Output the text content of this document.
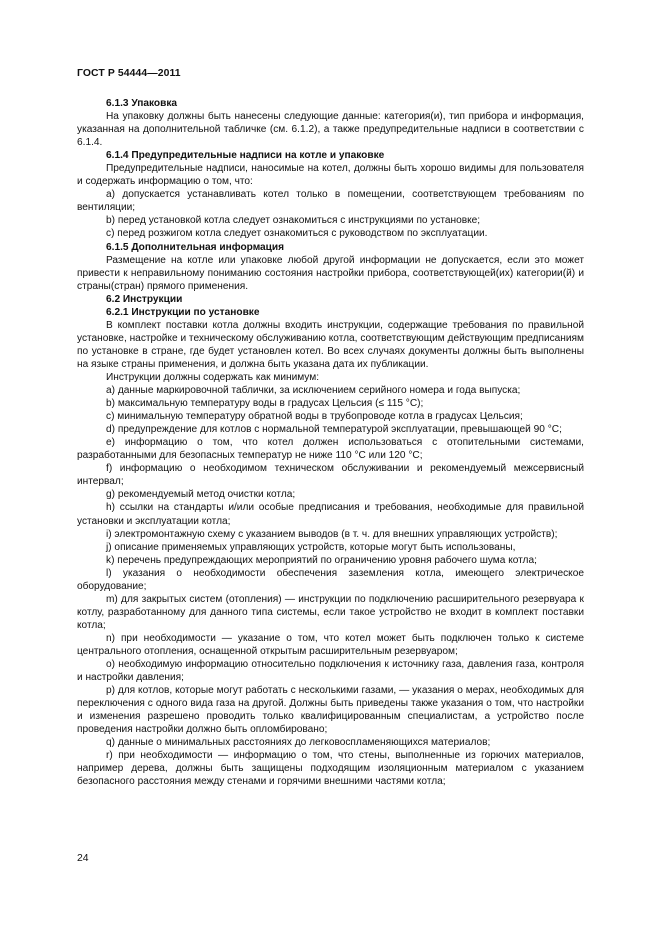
ГОСТ Р 54444—2011

6.1.3 Упаковка

На упаковку должны быть нанесены следующие данные: категория(и), тип прибора и информация, указанная на дополнительной табличке (см. 6.1.2), а также предупредительные надписи в соответствии с 6.1.4.

6.1.4 Предупредительные надписи на котле и упаковке

Предупредительные надписи, наносимые на котел, должны быть хорошо видимы для пользователя и содержать информацию о том, что:

a) допускается устанавливать котел только в помещении, соответствующем требованиям по вентиляции;

b) перед установкой котла следует ознакомиться с инструкциями по установке;

c) перед розжигом котла следует ознакомиться с руководством по эксплуатации.

6.1.5 Дополнительная информация

Размещение на котле или упаковке любой другой информации не допускается, если это может привести к неправильному пониманию состояния настройки прибора, соответствующей(их) категории(й) и страны(стран) прямого применения.

6.2 Инструкции

6.2.1 Инструкции по установке

В комплект поставки котла должны входить инструкции, содержащие требования по правильной установке, настройке и техническому обслуживанию котла, соответствующим действующим предписаниям по установке в стране, где будет установлен котел. Во всех случаях документы должны быть выполнены на языке страны применения, и должна быть указана дата их публикации.

Инструкции должны содержать как минимум:

a) данные маркировочной таблички, за исключением серийного номера и года выпуска;

b) максимальную температуру воды в градусах Цельсия (≤ 115 °С);

c) минимальную температуру обратной воды в трубопроводе котла в градусах Цельсия;

d) предупреждение для котлов с нормальной температурой эксплуатации, превышающей 90 °С;

e) информацию о том, что котел должен использоваться с отопительными системами, разработанными для безопасных температур не ниже 110 °С или 120 °С;

f) информацию о необходимом техническом обслуживании и рекомендуемый межсервисный интервал;

g) рекомендуемый метод очистки котла;

h) ссылки на стандарты и/или особые предписания и требования, необходимые для правильной установки и эксплуатации котла;

i) электромонтажную схему с указанием выводов (в т. ч. для внешних управляющих устройств);

j) описание применяемых управляющих устройств, которые могут быть использованы,

k) перечень предупреждающих мероприятий по ограничению уровня рабочего шума котла;

l) указания о необходимости обеспечения заземления котла, имеющего электрическое оборудование;

m) для закрытых систем (отопления) — инструкции по подключению расширительного резервуара к котлу, разработанному для данного типа системы, если такое устройство не входит в комплект поставки котла;

n) при необходимости — указание о том, что котел может быть подключен только к системе центрального отопления, оснащенной открытым расширительным резервуаром;

o) необходимую информацию относительно подключения к источнику газа, давления газа, контроля и настройки давления;

p) для котлов, которые могут работать с несколькими газами, — указания о мерах, необходимых для переключения с одного вида газа на другой. Должны быть приведены также указания о том, что настройки и изменения разрешено проводить только квалифицированным специалистам, а устройство после проведения настройки должно быть опломбировано;

q) данные о минимальных расстояниях до легковоспламеняющихся материалов;

r) при необходимости — информацию о том, что стены, выполненные из горючих материалов, например дерева, должны быть защищены подходящим изоляционным материалом с указанием безопасного расстояния между стенами и горячими внешними частями котла;

24
